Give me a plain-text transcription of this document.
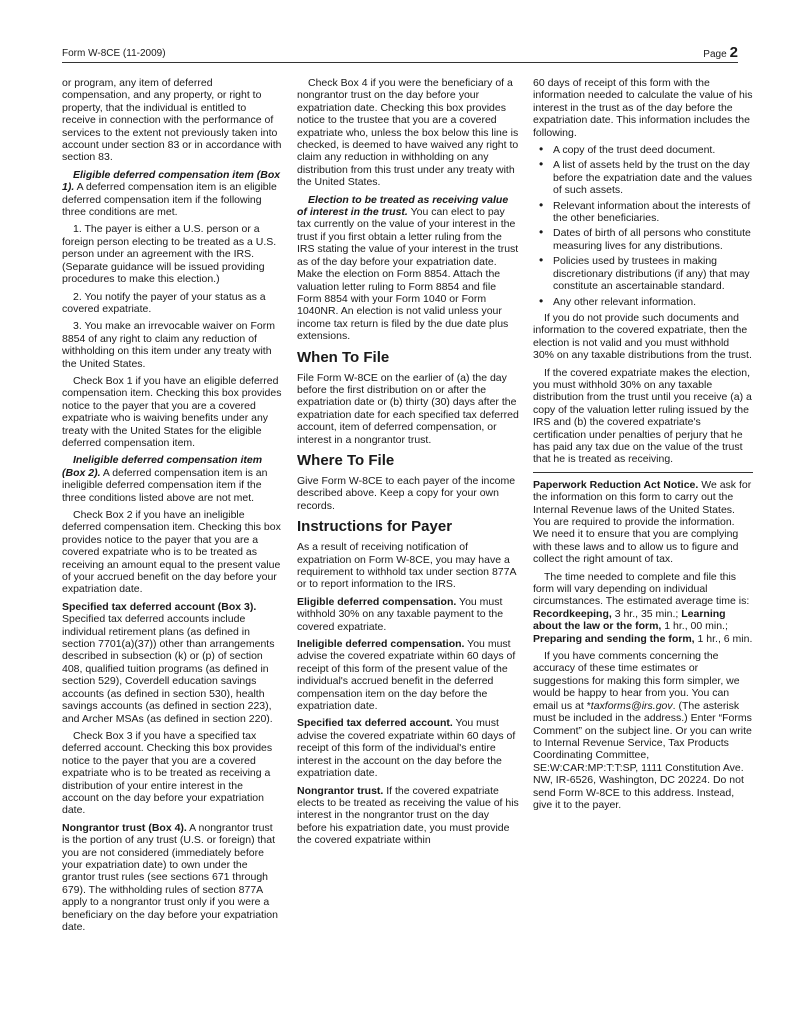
Form W-8CE (11-2009)	Page 2

or program, any item of deferred compensation, and any property, or right to property, that the individual is entitled to receive in connection with the performance of services to the extent not previously taken into account under section 83 or in accordance with section 83.

Eligible deferred compensation item (Box 1). A deferred compensation item is an eligible deferred compensation item if the following three conditions are met.

1. The payer is either a U.S. person or a foreign person electing to be treated as a U.S. person under an agreement with the IRS. (Separate guidance will be issued providing procedures to make this election.)

2. You notify the payer of your status as a covered expatriate.

3. You make an irrevocable waiver on Form 8854 of any right to claim any reduction of withholding on this item under any treaty with the United States.

Check Box 1 if you have an eligible deferred compensation item. Checking this box provides notice to the payer that you are a covered expatriate who is waiving benefits under any treaty with the United States for the eligible deferred compensation item.

Ineligible deferred compensation item (Box 2). A deferred compensation item is an ineligible deferred compensation item if the three conditions listed above are not met.

Check Box 2 if you have an ineligible deferred compensation item. Checking this box provides notice to the payer that you are a covered expatriate who is to be treated as receiving an amount equal to the present value of your accrued benefit on the day before your expatriation date.

Specified tax deferred account (Box 3). Specified tax deferred accounts include individual retirement plans (as defined in section 7701(a)(37)) other than arrangements described in subsection (k) or (p) of section 408, qualified tuition programs (as defined in section 529), Coverdell education savings accounts (as defined in section 530), health savings accounts (as defined in section 223), and Archer MSAs (as defined in section 220).

Check Box 3 if you have a specified tax deferred account. Checking this box provides notice to the payer that you are a covered expatriate who is to be treated as receiving a distribution of your entire interest in the account on the day before your expatriation date.

Nongrantor trust (Box 4). A nongrantor trust is the portion of any trust (U.S. or foreign) that you are not considered (immediately before your expatriation date) to own under the grantor trust rules (see sections 671 through 679). The withholding rules of section 877A apply to a nongrantor trust only if you were a beneficiary on the day before your expatriation date.

Check Box 4 if you were the beneficiary of a nongrantor trust on the day before your expatriation date. Checking this box provides notice to the trustee that you are a covered expatriate who, unless the box below this line is checked, is deemed to have waived any right to claim any reduction in withholding on any distribution from this trust under any treaty with the United States.

Election to be treated as receiving value of interest in the trust. You can elect to pay tax currently on the value of your interest in the trust if you first obtain a letter ruling from the IRS stating the value of your interest in the trust as of the day before your expatriation date. Make the election on Form 8854. Attach the valuation letter ruling to Form 8854 and file Form 8854 with your Form 1040 or Form 1040NR. An election is not valid unless your income tax return is filed by the due date plus extensions.

When To File

File Form W-8CE on the earlier of (a) the day before the first distribution on or after the expatriation date or (b) thirty (30) days after the expatriation date for each specified tax deferred account, item of deferred compensation, or interest in a nongrantor trust.

Where To File

Give Form W-8CE to each payer of the income described above. Keep a copy for your own records.

Instructions for Payer

As a result of receiving notification of expatriation on Form W-8CE, you may have a requirement to withhold tax under section 877A or to report information to the IRS.

Eligible deferred compensation. You must withhold 30% on any taxable payment to the covered expatriate.

Ineligible deferred compensation. You must advise the covered expatriate within 60 days of receipt of this form of the present value of the individual's accrued benefit in the deferred compensation item on the day before the expatriation date.

Specified tax deferred account. You must advise the covered expatriate within 60 days of receipt of this form of the individual's entire interest in the account on the day before the expatriation date.

Nongrantor trust. If the covered expatriate elects to be treated as receiving the value of his interest in the nongrantor trust on the day before his expatriation date, you must provide the covered expatriate within

60 days of receipt of this form with the information needed to calculate the value of his interest in the trust as of the day before the expatriation date. This information includes the following.

• A copy of the trust deed document.
• A list of assets held by the trust on the day before the expatriation date and the values of such assets.
• Relevant information about the interests of the other beneficiaries.
• Dates of birth of all persons who constitute measuring lives for any distributions.
• Policies used by trustees in making discretionary distributions (if any) that may constitute an ascertainable standard.
• Any other relevant information.

If you do not provide such documents and information to the covered expatriate, then the election is not valid and you must withhold 30% on any taxable distributions from the trust.

If the covered expatriate makes the election, you must withhold 30% on any taxable distribution from the trust until you receive (a) a copy of the valuation letter ruling issued by the IRS and (b) the covered expatriate's certification under penalties of perjury that he has paid any tax due on the value of the trust that he is treated as receiving.

Paperwork Reduction Act Notice. We ask for the information on this form to carry out the Internal Revenue laws of the United States. You are required to provide the information. We need it to ensure that you are complying with these laws and to allow us to figure and collect the right amount of tax.

The time needed to complete and file this form will vary depending on individual circumstances. The estimated average time is: Recordkeeping, 3 hr., 35 min.; Learning about the law or the form, 1 hr., 00 min.; Preparing and sending the form, 1 hr., 6 min.

If you have comments concerning the accuracy of these time estimates or suggestions for making this form simpler, we would be happy to hear from you. You can email us at *taxforms@irs.gov. (The asterisk must be included in the address.) Enter “Forms Comment” on the subject line. Or you can write to Internal Revenue Service, Tax Products Coordinating Committee, SE:W:CAR:MP:T:T:SP, 1111 Constitution Ave. NW, IR-6526, Washington, DC 20224. Do not send Form W-8CE to this address. Instead, give it to the payer.
